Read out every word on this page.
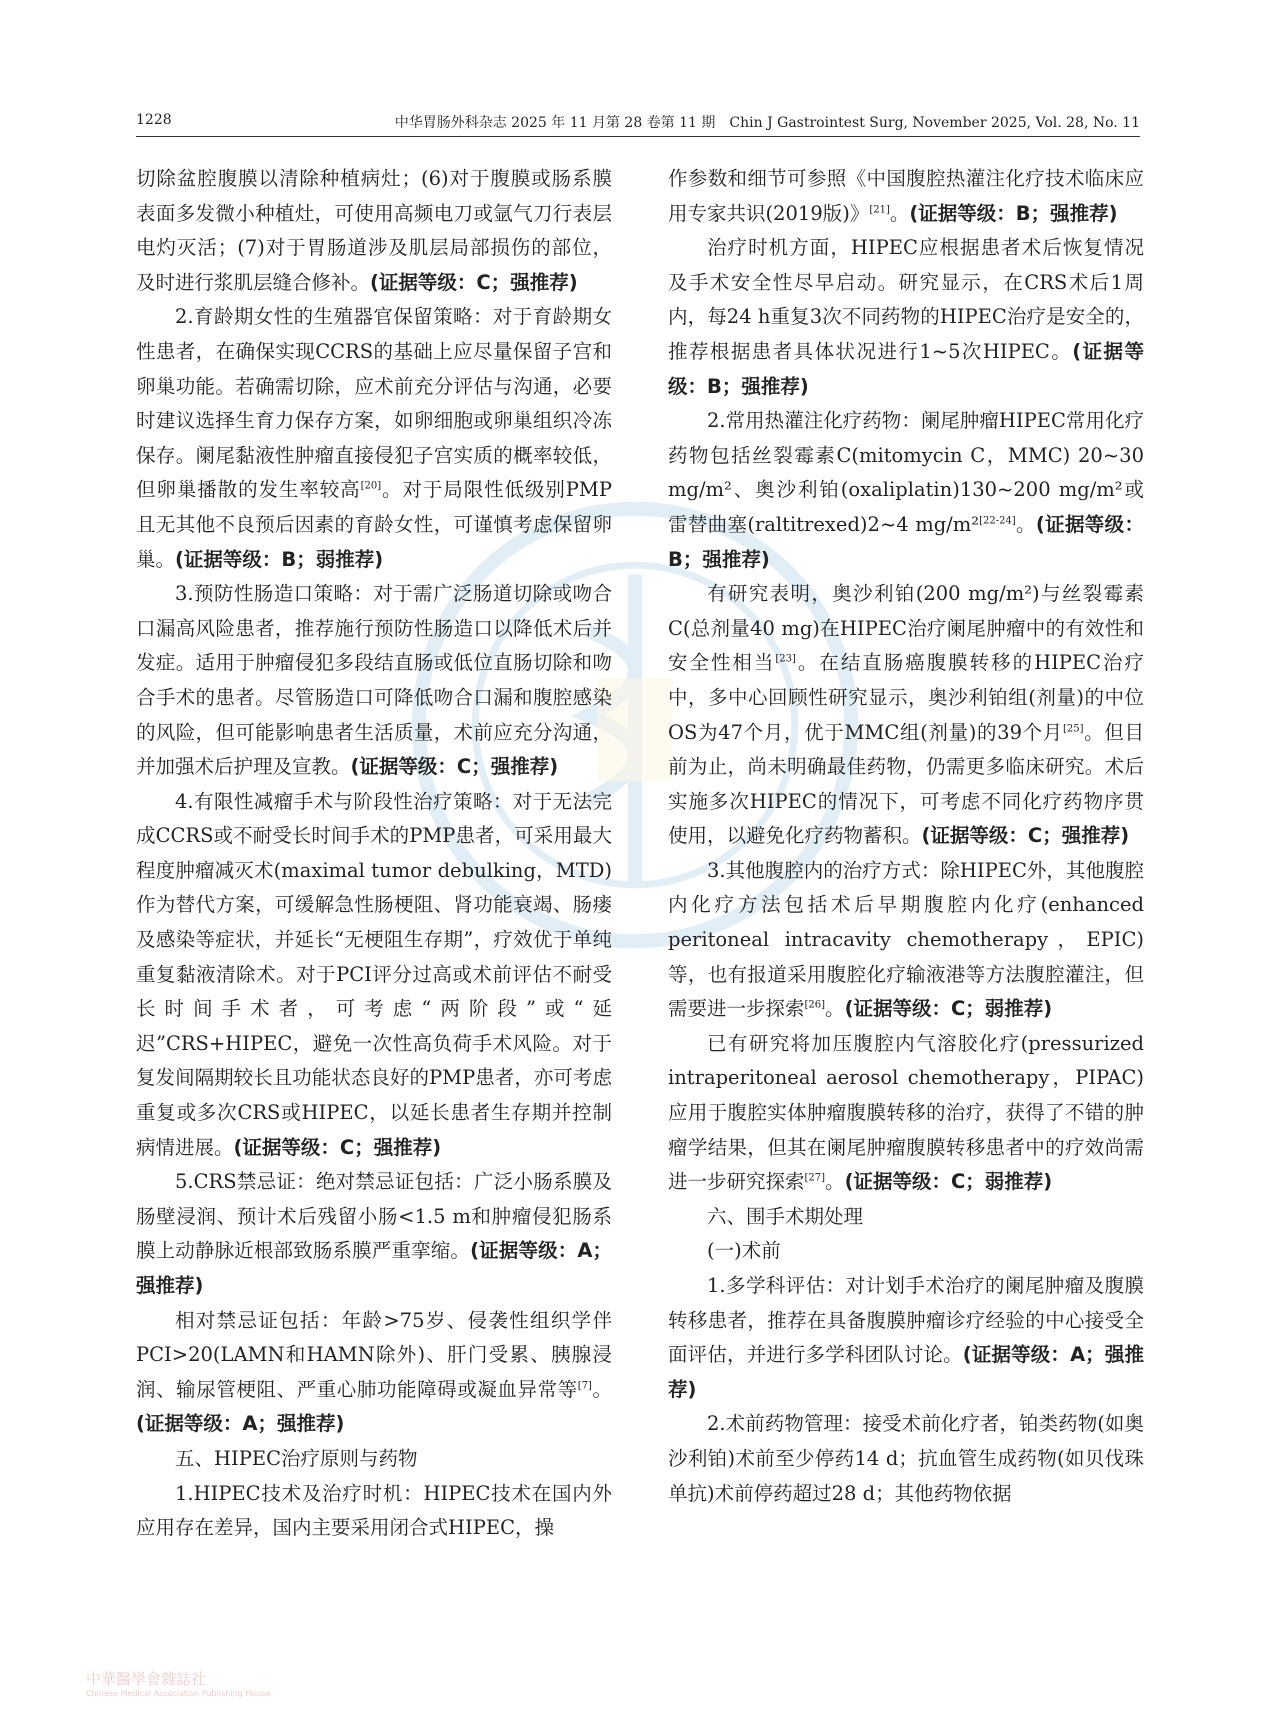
1228	中华胃肠外科杂志 2025 年 11 月第 28 卷第 11 期　Chin J Gastrointest Surg, November 2025, Vol. 28, No. 11

切除盆腔腹膜以清除种植病灶；(6)对于腹膜或肠系膜表面多发微小种植灶，可使用高频电刀或氩气刀行表层电灼灭活；(7)对于胃肠道涉及肌层局部损伤的部位，及时进行浆肌层缝合修补。(证据等级：C；强推荐)

2.育龄期女性的生殖器官保留策略：对于育龄期女性患者，在确保实现CCRS的基础上应尽量保留子宫和卵巢功能。若确需切除，应术前充分评估与沟通，必要时建议选择生育力保存方案，如卵细胞或卵巢组织冷冻保存。阑尾黏液性肿瘤直接侵犯子宫实质的概率较低，但卵巢播散的发生率较高[20]。对于局限性低级别PMP且无其他不良预后因素的育龄女性，可谨慎考虑保留卵巢。(证据等级：B；弱推荐)

3.预防性肠造口策略：对于需广泛肠道切除或吻合口漏高风险患者，推荐施行预防性肠造口以降低术后并发症。适用于肿瘤侵犯多段结直肠或低位直肠切除和吻合手术的患者。尽管肠造口可降低吻合口漏和腹腔感染的风险，但可能影响患者生活质量，术前应充分沟通，并加强术后护理及宣教。(证据等级：C；强推荐)

4.有限性减瘤手术与阶段性治疗策略：对于无法完成CCRS或不耐受长时间手术的PMP患者，可采用最大程度肿瘤减灭术(maximal tumor debulking，MTD)作为替代方案，可缓解急性肠梗阻、肾功能衰竭、肠瘘及感染等症状，并延长“无梗阻生存期”，疗效优于单纯重复黏液清除术。对于PCI评分过高或术前评估不耐受长时间手术者，可考虑“两阶段”或“延迟”CRS+HIPEC，避免一次性高负荷手术风险。对于复发间隔期较长且功能状态良好的PMP患者，亦可考虑重复或多次CRS或HIPEC，以延长患者生存期并控制病情进展。(证据等级：C；强推荐)

5.CRS禁忌证：绝对禁忌证包括：广泛小肠系膜及肠壁浸润、预计术后残留小肠<1.5 m和肿瘤侵犯肠系膜上动静脉近根部致肠系膜严重挛缩。(证据等级：A；强推荐)

相对禁忌证包括：年龄>75岁、侵袭性组织学伴PCI>20(LAMN和HAMN除外)、肝门受累、胰腺浸润、输尿管梗阻、严重心肺功能障碍或凝血异常等[7]。(证据等级：A；强推荐)

五、HIPEC治疗原则与药物

1.HIPEC技术及治疗时机：HIPEC技术在国内外应用存在差异，国内主要采用闭合式HIPEC，操

作参数和细节可参照《中国腹腔热灌注化疗技术临床应用专家共识(2019版)》[21]。(证据等级：B；强推荐)

治疗时机方面，HIPEC应根据患者术后恢复情况及手术安全性尽早启动。研究显示，在CRS术后1周内，每24 h重复3次不同药物的HIPEC治疗是安全的，推荐根据患者具体状况进行1~5次HIPEC。(证据等级：B；强推荐)

2.常用热灌注化疗药物：阑尾肿瘤HIPEC常用化疗药物包括丝裂霉素C(mitomycin C，MMC) 20~30 mg/m²、奥沙利铂(oxaliplatin)130~200 mg/m²或雷替曲塞(raltitrexed)2~4 mg/m²[22-24]。(证据等级：B；强推荐)

有研究表明，奥沙利铂(200 mg/m²)与丝裂霉素C(总剂量40 mg)在HIPEC治疗阑尾肿瘤中的有效性和安全性相当[23]。在结直肠癌腹膜转移的HIPEC治疗中，多中心回顾性研究显示，奥沙利铂组(剂量)的中位OS为47个月，优于MMC组(剂量)的39个月[25]。但目前为止，尚未明确最佳药物，仍需更多临床研究。术后实施多次HIPEC的情况下，可考虑不同化疗药物序贯使用，以避免化疗药物蓄积。(证据等级：C；强推荐)

3.其他腹腔内的治疗方式：除HIPEC外，其他腹腔内化疗方法包括术后早期腹腔内化疗(enhanced peritoneal intracavity chemotherapy，EPIC)等，也有报道采用腹腔化疗输液港等方法腹腔灌注，但需要进一步探索[26]。(证据等级：C；弱推荐)

已有研究将加压腹腔内气溶胶化疗(pressurized intraperitoneal aerosol chemotherapy，PIPAC)应用于腹腔实体肿瘤腹膜转移的治疗，获得了不错的肿瘤学结果，但其在阑尾肿瘤腹膜转移患者中的疗效尚需进一步研究探索[27]。(证据等级：C；弱推荐)

六、围手术期处理

(一)术前

1.多学科评估：对计划手术治疗的阑尾肿瘤及腹膜转移患者，推荐在具备腹膜肿瘤诊疗经验的中心接受全面评估，并进行多学科团队讨论。(证据等级：A；强推荐)

2.术前药物管理：接受术前化疗者，铂类药物(如奥沙利铂)术前至少停药14 d；抗血管生成药物(如贝伐珠单抗)术前停药超过28 d；其他药物依据

中華醫學會雜誌社
Chinese Medical Association Publishing House
